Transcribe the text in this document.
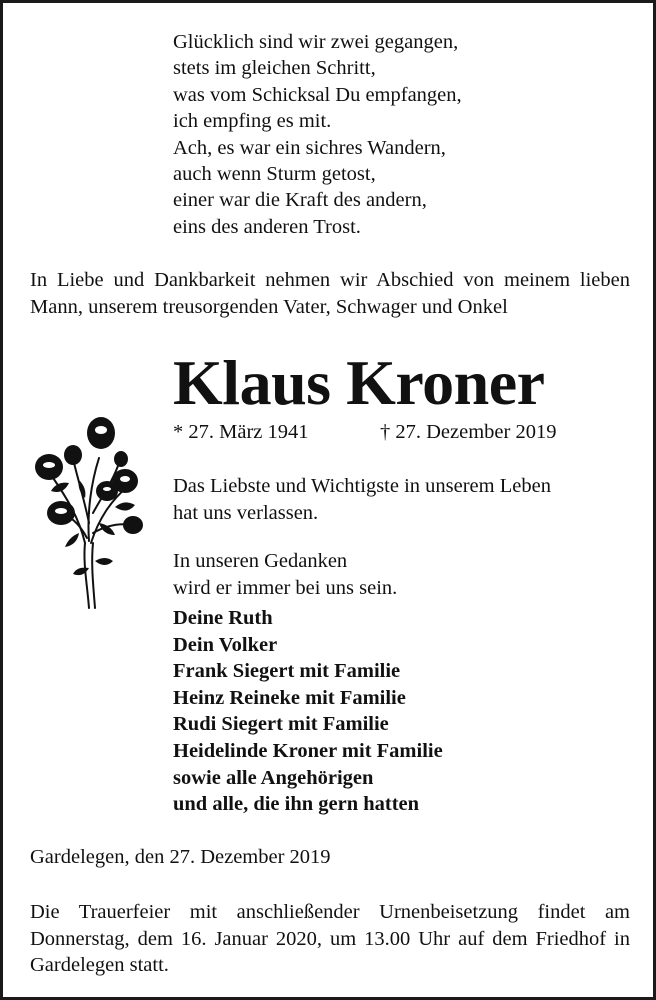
Glücklich sind wir zwei gegangen,
stets im gleichen Schritt,
was vom Schicksal Du empfangen,
ich empfing es mit.
Ach, es war ein sichres Wandern,
auch wenn Sturm getost,
einer war die Kraft des andern,
eins des anderen Trost.
In Liebe und Dankbarkeit nehmen wir Abschied von meinem lieben Mann, unserem treusorgenden Vater, Schwager und Onkel
Klaus Kroner
* 27. März 1941	† 27. Dezember 2019
Das Liebste und Wichtigste in unserem Leben
hat uns verlassen.
In unseren Gedanken
wird er immer bei uns sein.
Deine Ruth
Dein Volker
Frank Siegert mit Familie
Heinz Reineke mit Familie
Rudi Siegert mit Familie
Heidelinde Kroner mit Familie
sowie alle Angehörigen
und alle, die ihn gern hatten
Gardelegen, den 27. Dezember 2019
Die Trauerfeier mit anschließender Urnenbeisetzung findet am Donnerstag, dem 16. Januar 2020, um 13.00 Uhr auf dem Friedhof in Gardelegen statt.
